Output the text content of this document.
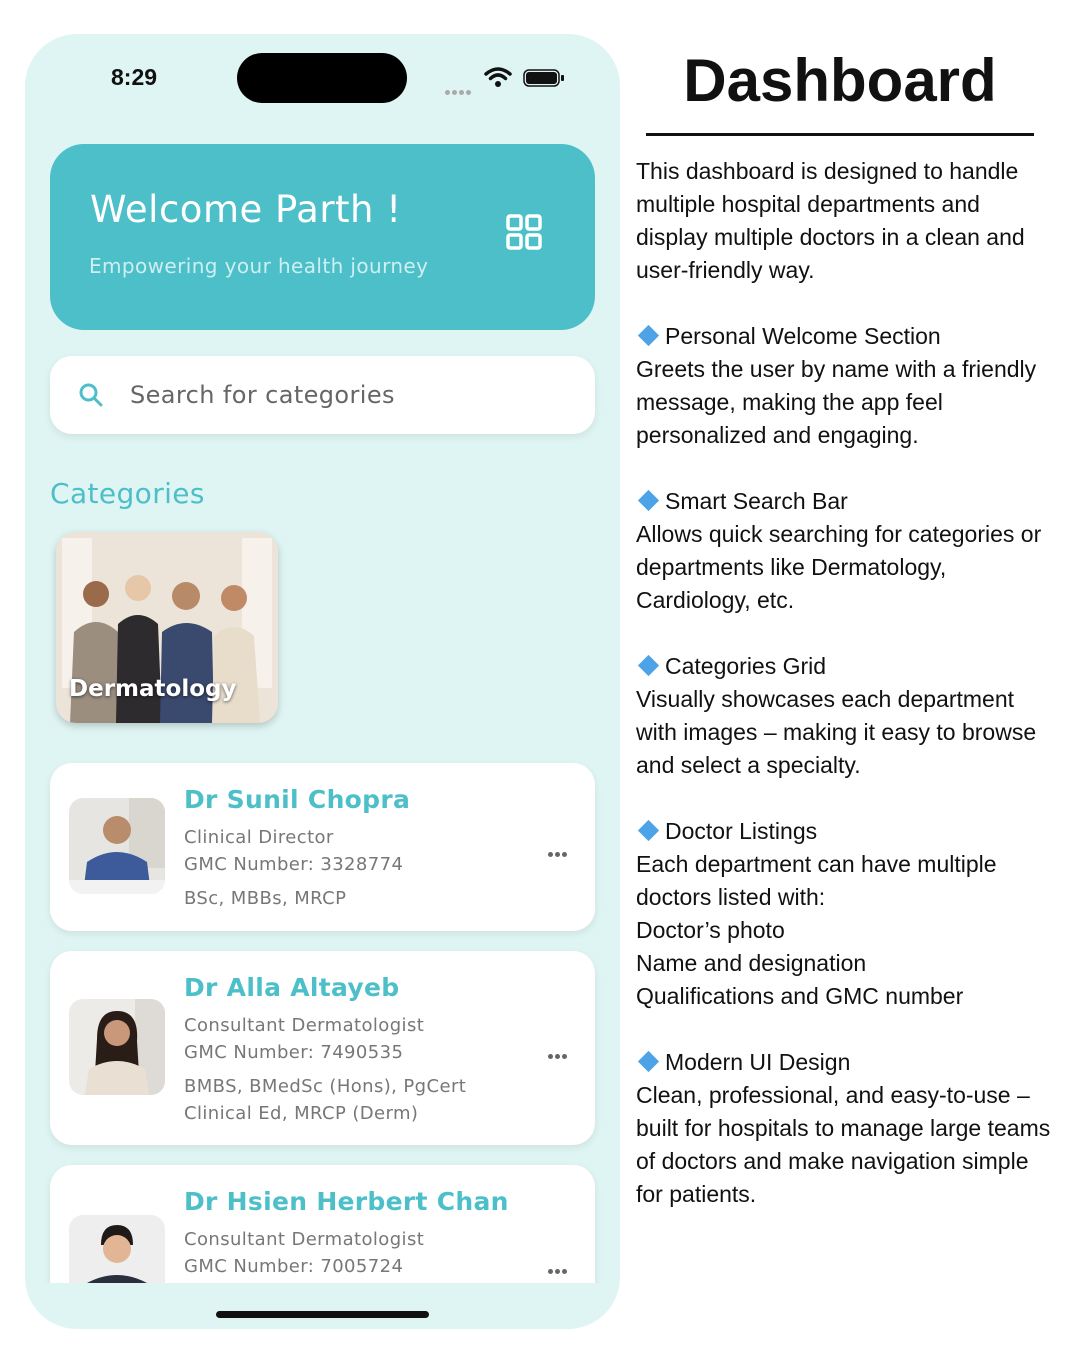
8:29
Welcome Parth !
Empowering your health journey
Search for categories
Categories
Dermatology
Dr Sunil Chopra
Clinical Director
GMC Number: 3328774
BSc, MBBs, MRCP
Dr Alla Altayeb
Consultant Dermatologist
GMC Number: 7490535
BMBS, BMedSc (Hons), PgCert
Clinical Ed, MRCP (Derm)
Dr Hsien Herbert Chan
Consultant Dermatologist
GMC Number: 7005724
Dashboard
This dashboard is designed to handle
multiple hospital departments and
display multiple doctors in a clean and
user-friendly way.
Personal Welcome Section
Greets the user by name with a friendly
message, making the app feel
personalized and engaging.
Smart Search Bar
Allows quick searching for categories or
departments like Dermatology,
Cardiology, etc.
Categories Grid
Visually showcases each department
with images – making it easy to browse
and select a specialty.
Doctor Listings
Each department can have multiple
doctors listed with:
Doctor’s photo
Name and designation
Qualifications and GMC number
Modern UI Design
Clean, professional, and easy-to-use –
built for hospitals to manage large teams
of doctors and make navigation simple
for patients.
